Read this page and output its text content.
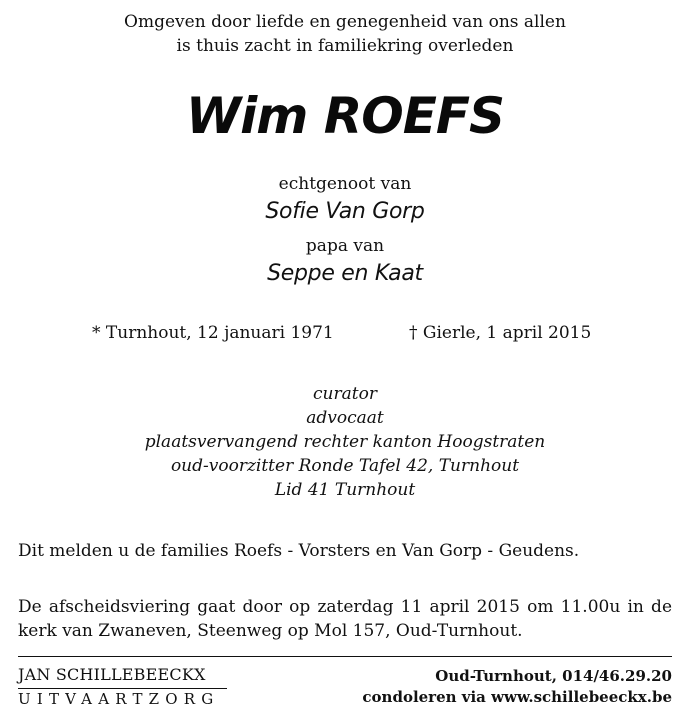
Omgeven door liefde en genegenheid van ons allen
is thuis zacht in familiekring overleden
Wim ROEFS
echtgenoot van
Sofie Van Gorp
papa van
Seppe en Kaat
* Turnhout, 12 januari 1971	† Gierle, 1 april 2015
curator
advocaat
plaatsvervangend rechter kanton Hoogstraten
oud-voorzitter Ronde Tafel 42, Turnhout
Lid 41 Turnhout
Dit melden u de families Roefs - Vorsters en Van Gorp - Geudens.
De afscheidsviering gaat door op zaterdag 11 april 2015 om 11.00u in de kerk van Zwaneven, Steenweg op Mol 157, Oud-Turnhout.
JAN SCHILLEBEECKX
UITVAARTZORG
Oud-Turnhout, 014/46.29.20
condoleren via www.schillebeeckx.be
